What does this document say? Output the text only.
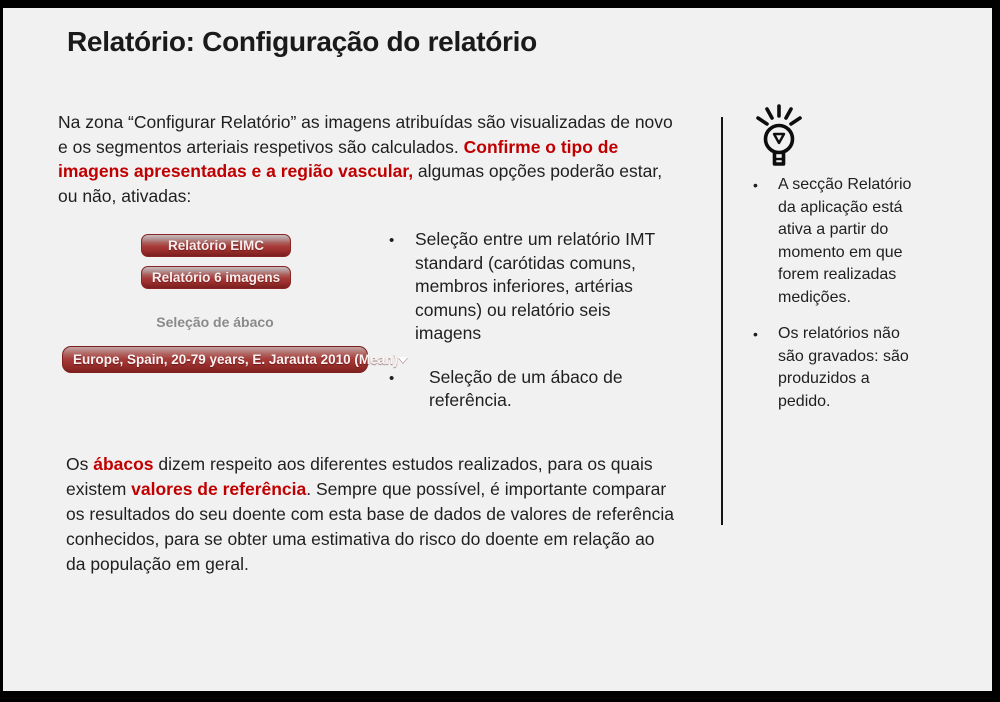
Relatório: Configuração do relatório

Na zona “Configurar Relatório” as imagens atribuídas são visualizadas de novo e os segmentos arteriais respetivos são calculados. Confirme o tipo de imagens apresentadas e a região vascular, algumas opções poderão estar, ou não, ativadas:

Relatório EIMC
Relatório 6 imagens
Seleção de ábaco
Europe, Spain, 20-79 years, E. Jarauta 2010 (Mean)
•
Seleção entre um relatório IMT standard (carótidas comuns, membros inferiores, artérias comuns) ou relatório seis imagens
•
Seleção de um ábaco de referência.

Os ábacos dizem respeito aos diferentes estudos realizados, para os quais existem valores de referência. Sempre que possível, é importante comparar os resultados do seu doente com esta base de dados de valores de referência conhecidos, para se obter uma estimativa do risco do doente em relação ao da população em geral.

•
A secção Relatório da aplicação está ativa a partir do momento em que forem realizadas medições.
•
Os relatórios não são gravados: são produzidos a pedido.
